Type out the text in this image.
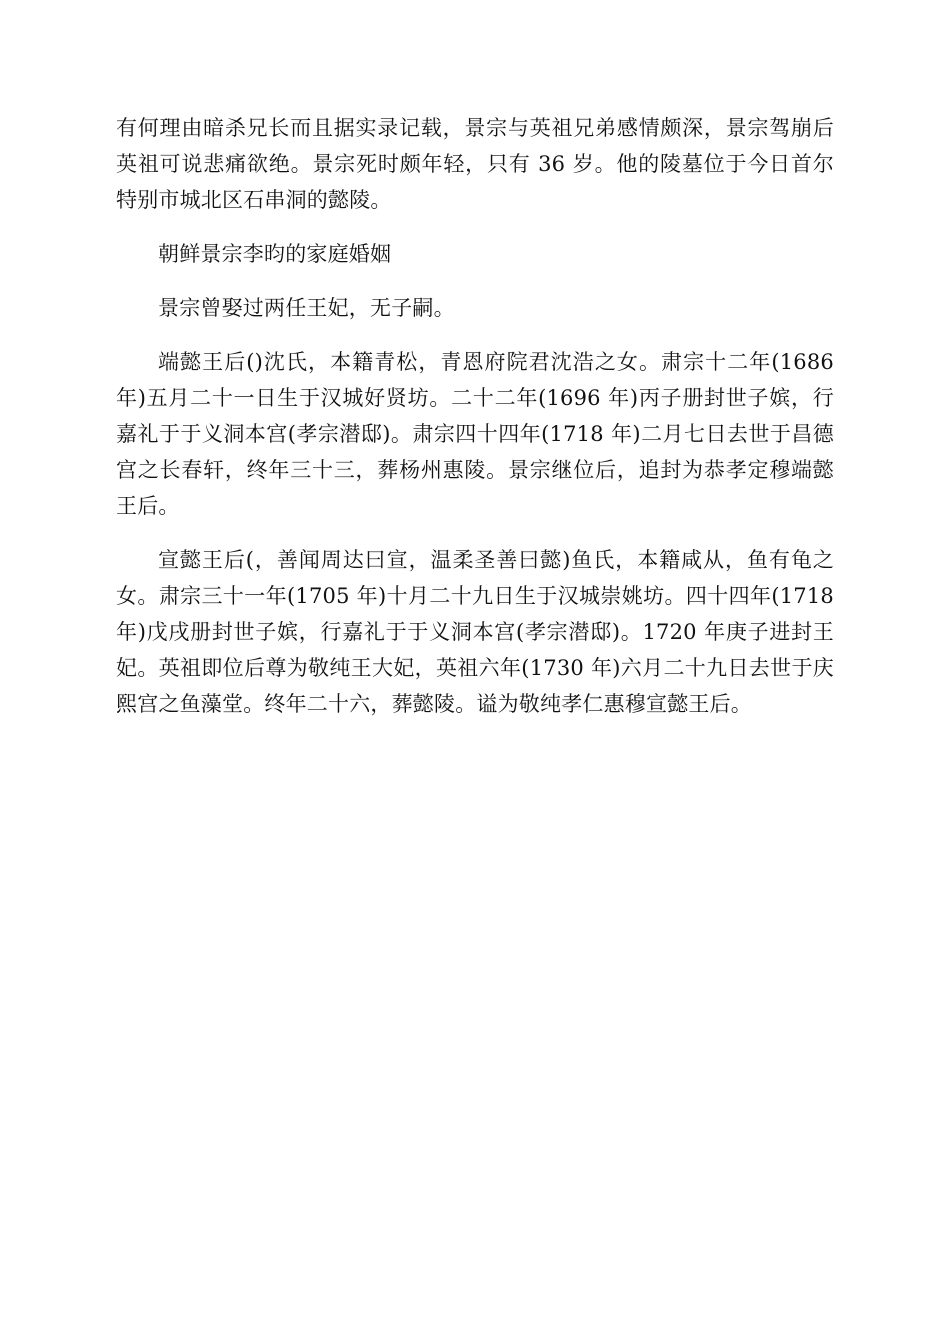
有何理由暗杀兄长而且据实录记载，景宗与英祖兄弟感情颇深，景宗驾崩后英祖可说悲痛欲绝。景宗死时颇年轻，只有 36 岁。他的陵墓位于今日首尔特别市城北区石串洞的懿陵。

朝鲜景宗李昀的家庭婚姻

景宗曾娶过两任王妃，无子嗣。

端懿王后()沈氏，本籍青松，青恩府院君沈浩之女。肃宗十二年(1686 年)五月二十一日生于汉城好贤坊。二十二年(1696 年)丙子册封世子嫔，行嘉礼于于义洞本宫(孝宗潜邸)。肃宗四十四年(1718 年)二月七日去世于昌德宫之长春轩，终年三十三，葬杨州惠陵。景宗继位后，追封为恭孝定穆端懿王后。

宣懿王后(，善闻周达曰宣，温柔圣善曰懿)鱼氏，本籍咸从，鱼有龟之女。肃宗三十一年(1705 年)十月二十九日生于汉城崇姚坊。四十四年(1718 年)戊戌册封世子嫔，行嘉礼于于义洞本宫(孝宗潜邸)。1720 年庚子进封王妃。英祖即位后尊为敬纯王大妃，英祖六年(1730 年)六月二十九日去世于庆熙宫之鱼藻堂。终年二十六，葬懿陵。谥为敬纯孝仁惠穆宣懿王后。
